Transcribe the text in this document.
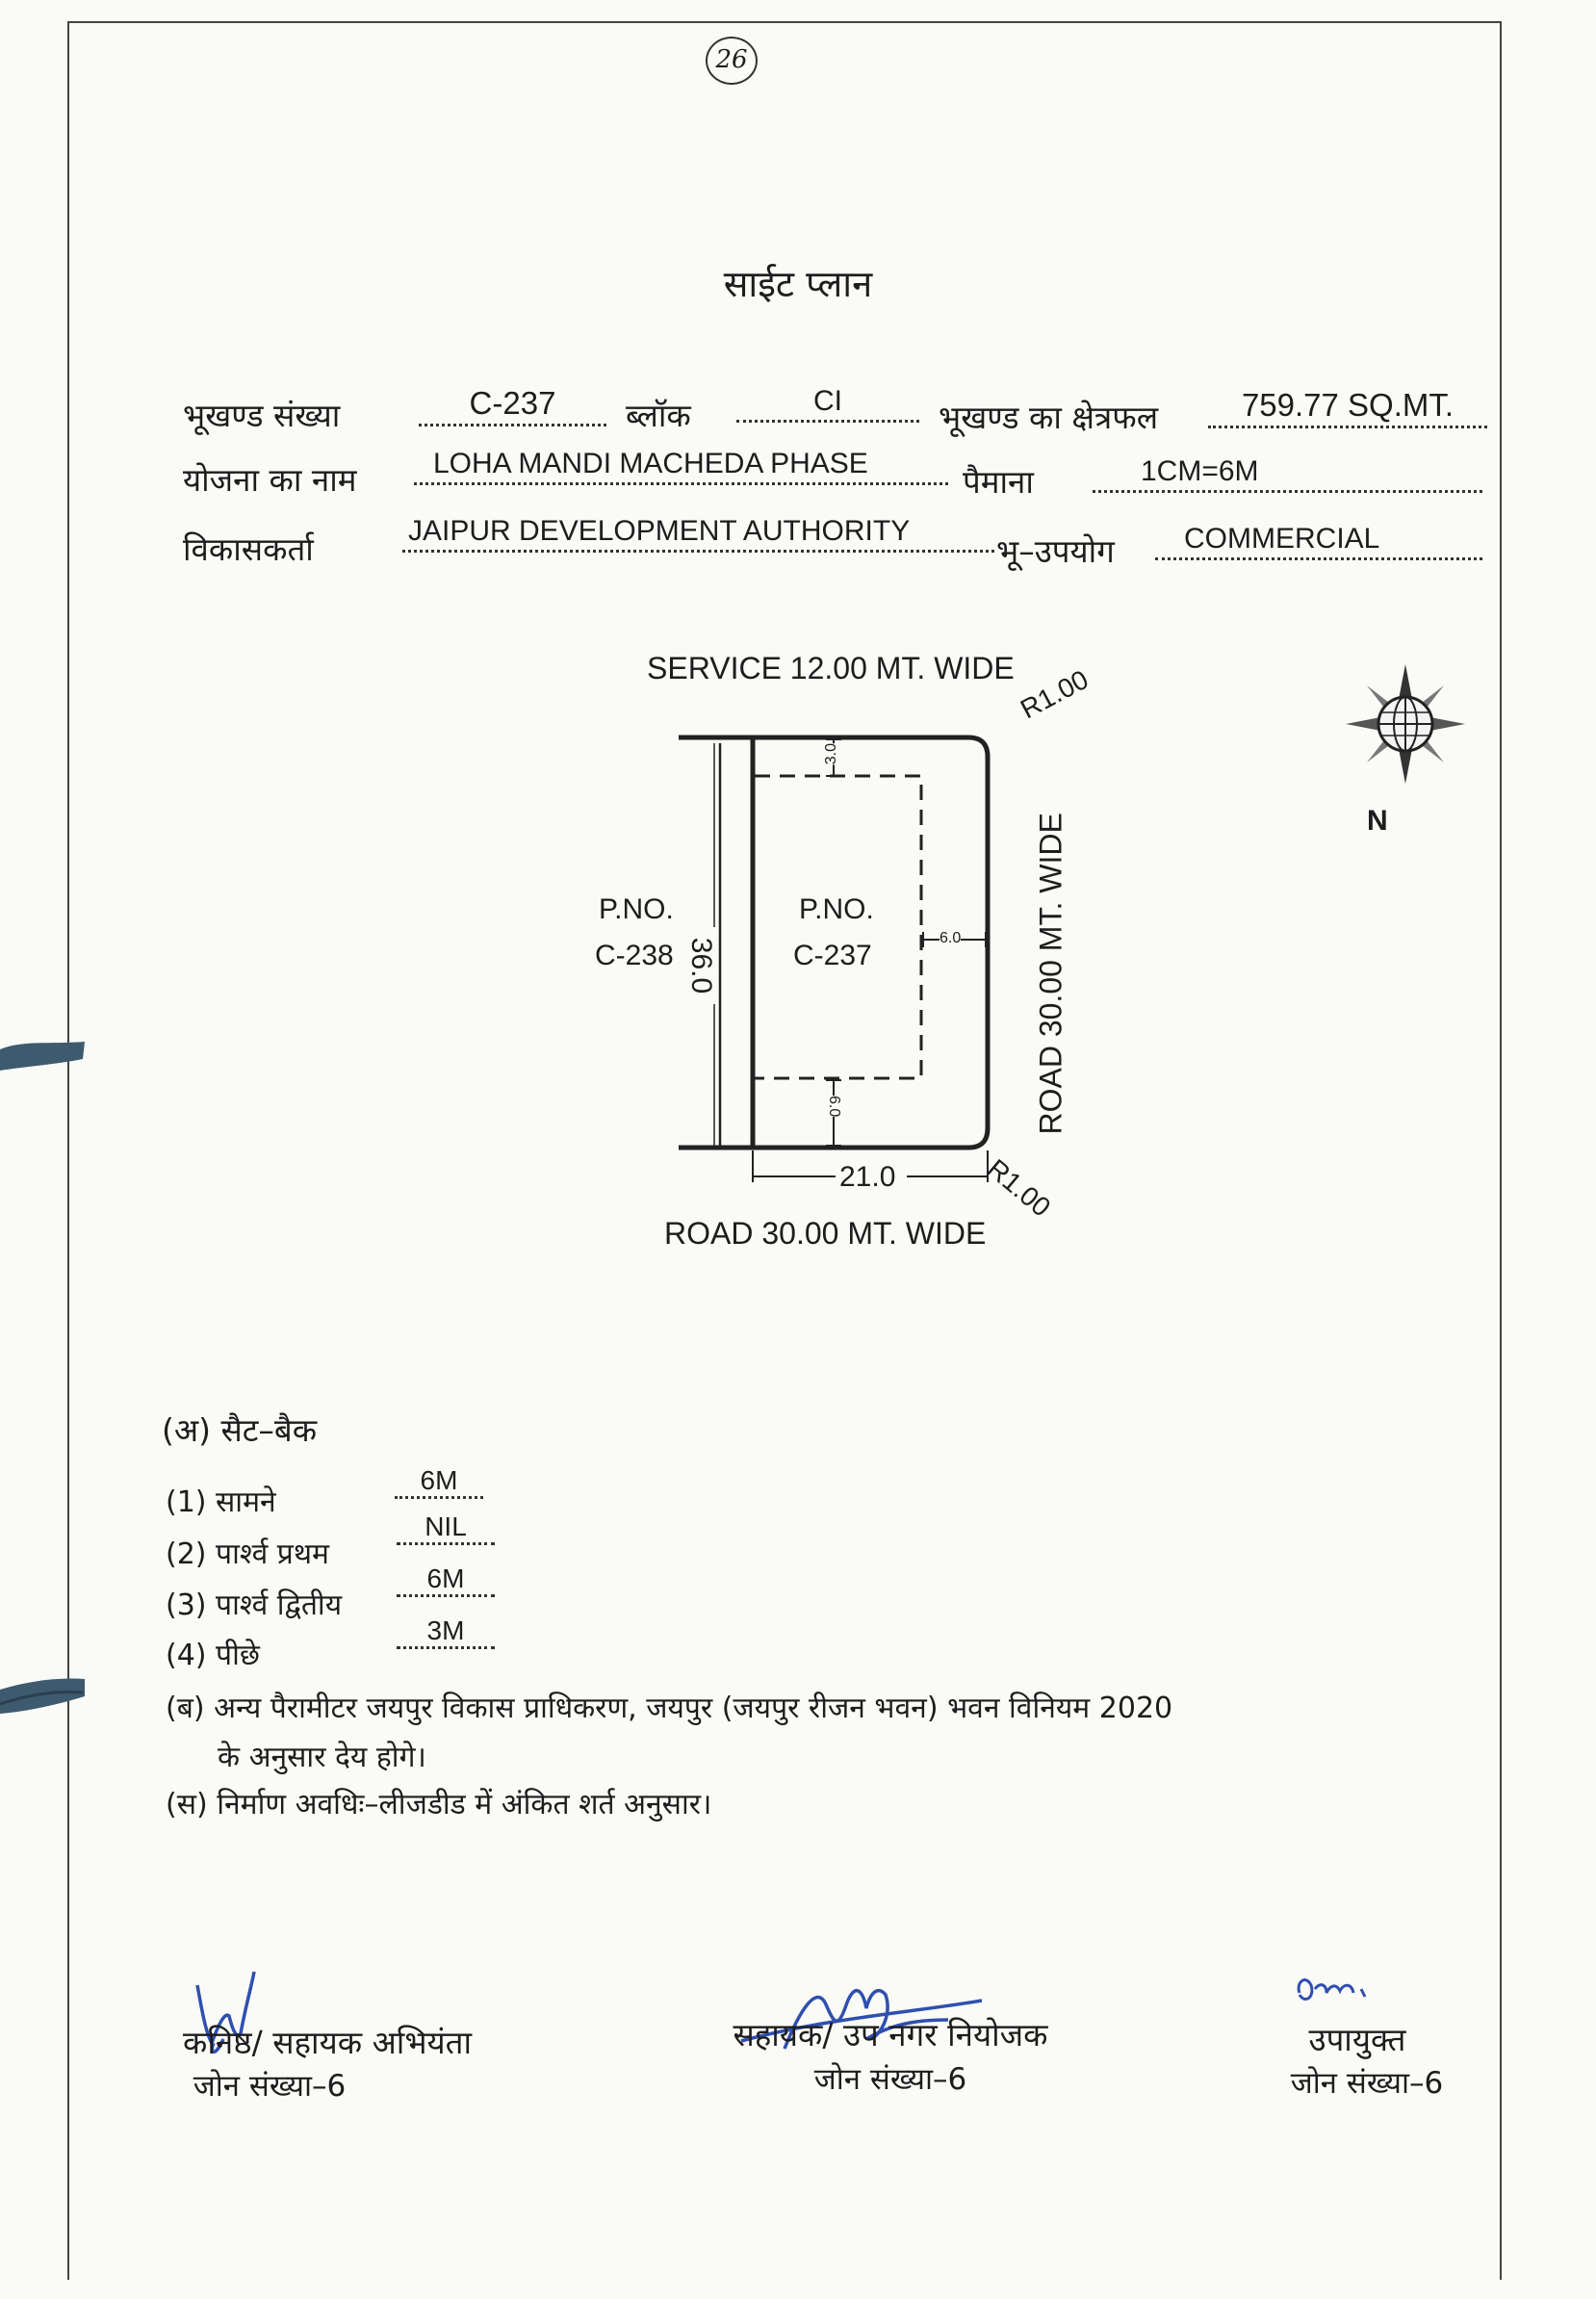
26
साईट प्लान
भूखण्ड संख्या	C-237	ब्लॉक	CI	भूखण्ड का क्षेत्रफल	759.77 SQ.MT.
योजना का नाम	LOHA MANDI MACHEDA PHASE	पैमाना	1CM=6M
विकासकर्ता	JAIPUR DEVELOPMENT AUTHORITY
भू–उपयोग	COMMERCIAL
SERVICE 12.00 MT. WIDE R1.00
ROAD 30.00 MT. WIDE
R1.00
ROAD 30.00 MT. WIDE
P.NO.
C-238
P.NO.
C-237
36.0
21.0
3.0
6.0
6.0
N
(अ) सैट–बैक
(1) सामने
6M
(2) पार्श्व प्रथम
NIL
(3) पार्श्व द्वितीय
6M
(4) पीछे
3M
(ब) अन्य पैरामीटर जयपुर विकास प्राधिकरण, जयपुर (जयपुर रीजन भवन) भवन विनियम 2020
के अनुसार देय होगे।
(स) निर्माण अवधिः–लीजडीड में अंकित शर्त अनुसार।
कनिष्ठ/ सहायक अभियंता
जोन संख्या–6
सहायक/ उप नगर नियोजक
जोन संख्या–6
उपायुक्त
जोन संख्या–6
